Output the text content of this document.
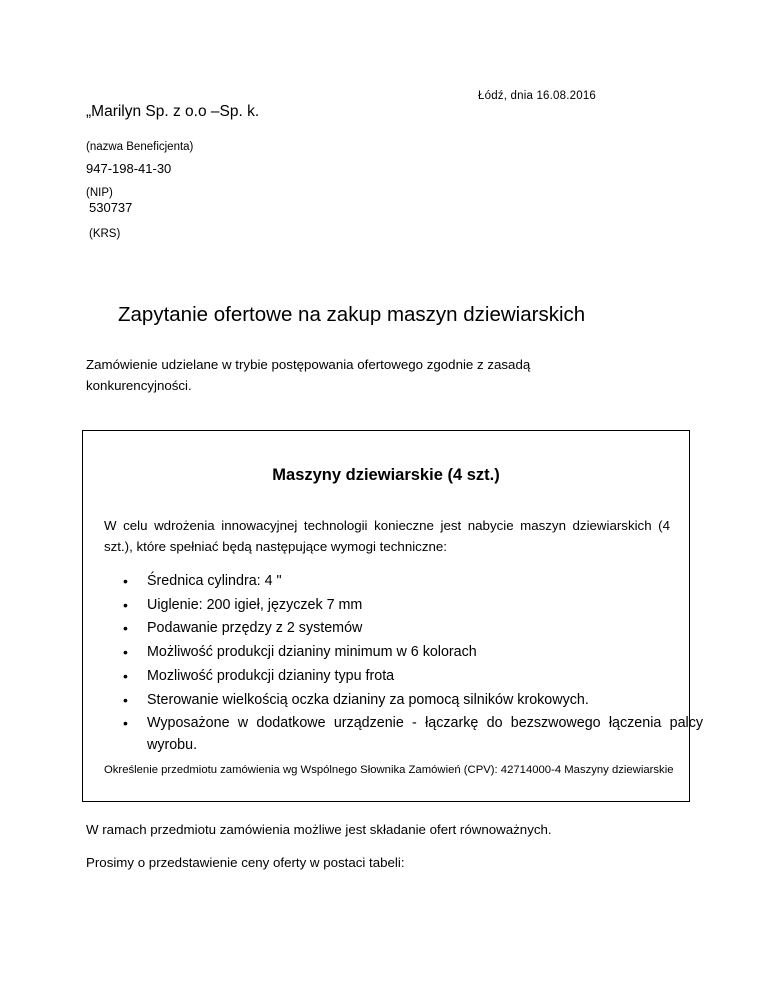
Łódź, dnia 16.08.2016
„Marilyn Sp. z o.o –Sp. k.
(nazwa Beneficjenta)
947-198-41-30
(NIP)
530737
(KRS)
Zapytanie ofertowe na zakup maszyn dziewiarskich
Zamówienie udzielane w trybie postępowania ofertowego zgodnie z zasadą konkurencyjności.
Maszyny dziewiarskie (4 szt.)
W celu wdrożenia innowacyjnej technologii konieczne jest nabycie maszyn dziewiarskich (4 szt.), które spełniać będą następujące wymogi techniczne:
• Średnica cylindra: 4 "
• Uiglenie: 200 igieł, języczek 7 mm
• Podawanie przędzy z 2 systemów
• Możliwość produkcji dzianiny minimum w 6 kolorach
• Mozliwość produkcji dzianiny typu frota
• Sterowanie wielkością oczka dzianiny za pomocą silników krokowych.
• Wyposażone w dodatkowe urządzenie - łączarkę do bezszwowego łączenia palcy wyrobu.
Określenie przedmiotu zamówienia wg Wspólnego Słownika Zamówień (CPV): 42714000-4 Maszyny dziewiarskie
W ramach przedmiotu zamówienia możliwe jest składanie ofert równoważnych.
Prosimy o przedstawienie ceny oferty w postaci tabeli:
